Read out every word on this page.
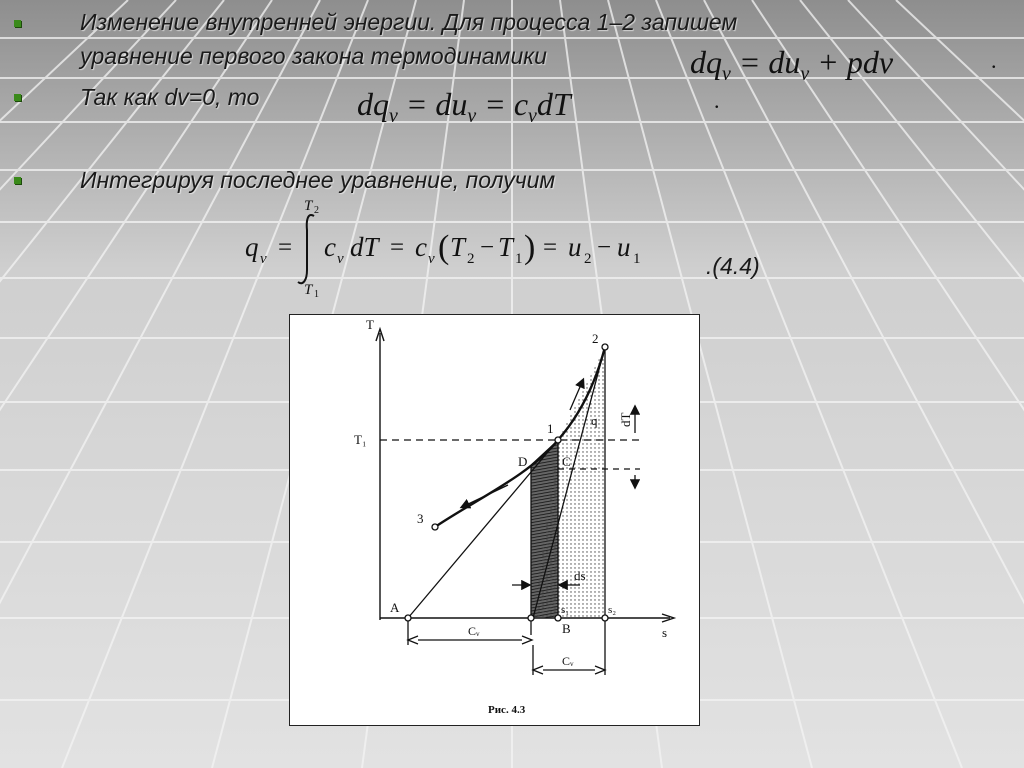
Изменение внутренней энергии. Для процесса 1–2 запишем
уравнение первого закона термодинамики	$dq_v = du_v$ + pdv	.
Так как dv=0, то	$dq_v = du_v = c_vdT$	.
Интегрируя последнее уравнение, получим
q v =
T 2
T 1
c v dT = c v ( T 2 − T 1 ) = u 2 − u 1	.(4.4)
T
s
T₁
2
1
3
D	C
A
B
q dT
ds
s₁	s₂
Cᵥ
Cᵥ
Рис. 4.3
